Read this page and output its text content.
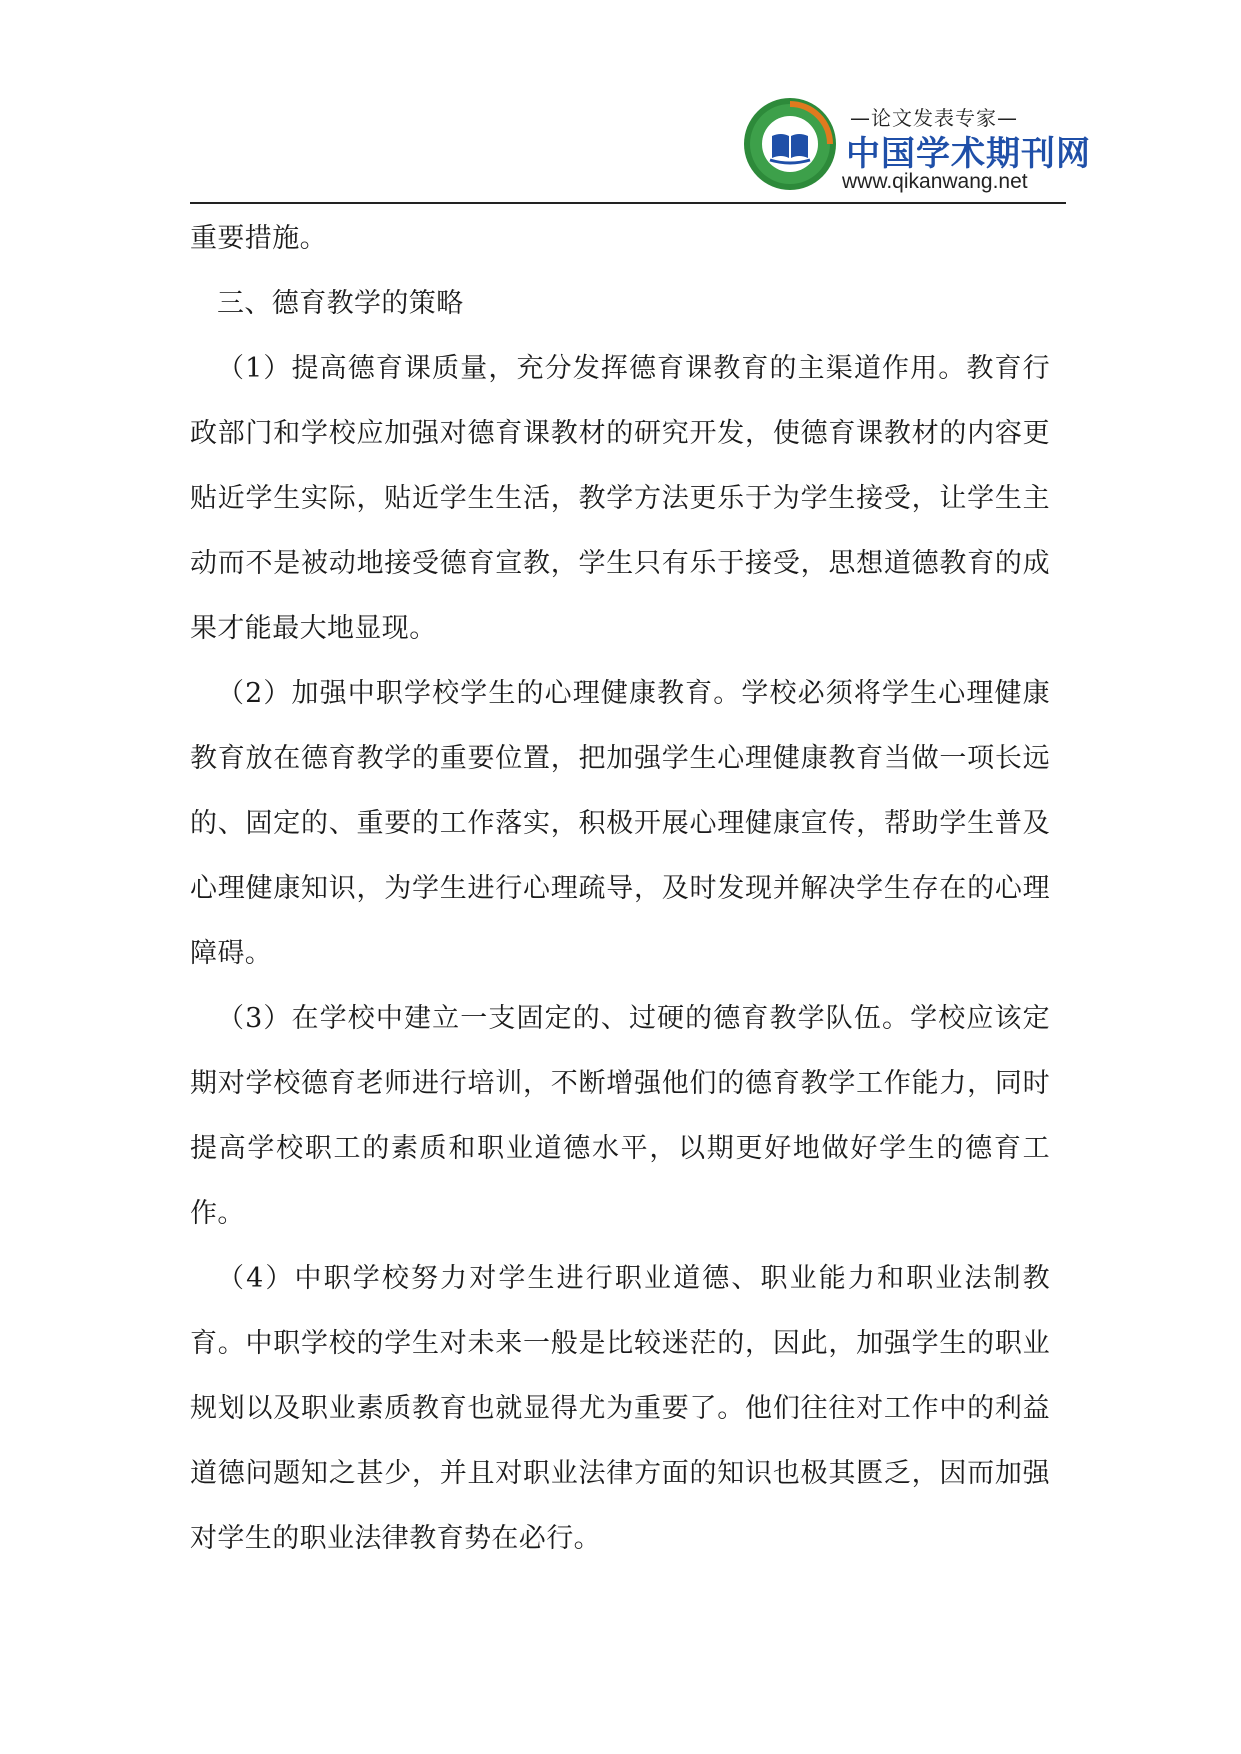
—论文发表专家—
中国学术期刊网
www.qikanwang.net

重要措施。

三、德育教学的策略

（1）提高德育课质量，充分发挥德育课教育的主渠道作用。教育行政部门和学校应加强对德育课教材的研究开发，使德育课教材的内容更贴近学生实际，贴近学生生活，教学方法更乐于为学生接受，让学生主动而不是被动地接受德育宣教，学生只有乐于接受，思想道德教育的成果才能最大地显现。

（2）加强中职学校学生的心理健康教育。学校必须将学生心理健康教育放在德育教学的重要位置，把加强学生心理健康教育当做一项长远的、固定的、重要的工作落实，积极开展心理健康宣传，帮助学生普及心理健康知识，为学生进行心理疏导，及时发现并解决学生存在的心理障碍。

（3）在学校中建立一支固定的、过硬的德育教学队伍。学校应该定期对学校德育老师进行培训，不断增强他们的德育教学工作能力，同时提高学校职工的素质和职业道德水平，以期更好地做好学生的德育工作。

（4）中职学校努力对学生进行职业道德、职业能力和职业法制教育。中职学校的学生对未来一般是比较迷茫的，因此，加强学生的职业规划以及职业素质教育也就显得尤为重要了。他们往往对工作中的利益道德问题知之甚少，并且对职业法律方面的知识也极其匮乏，因而加强对学生的职业法律教育势在必行。
